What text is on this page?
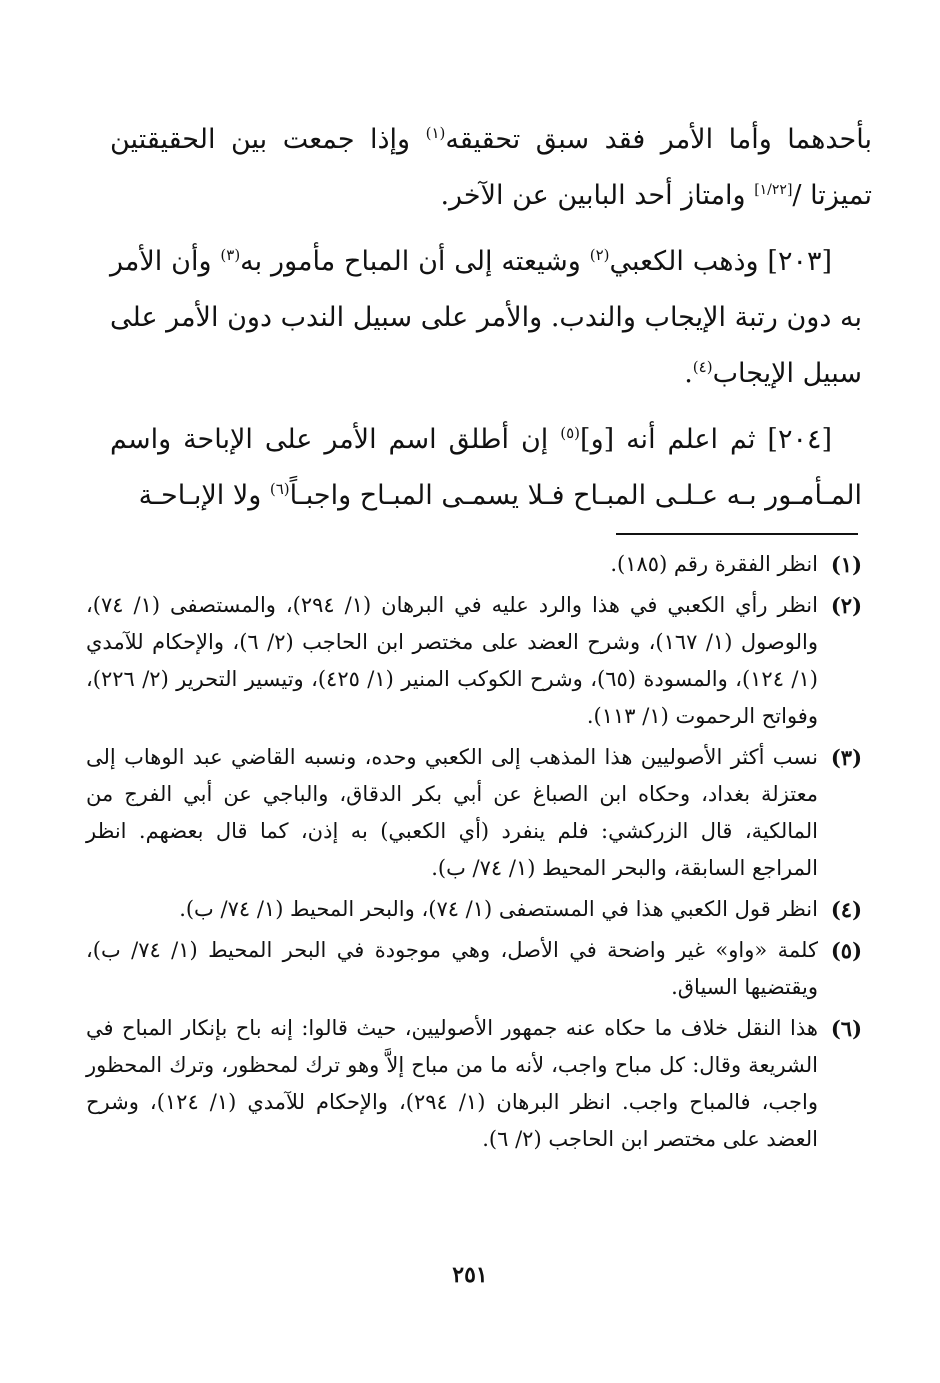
بأحدهما وأما الأمر فقد سبق تحقيقه$^{(١)}$ وإذا جمعت بين الحقيقتين تميزتا /[١/٢٢] وامتاز أحد البابين عن الآخر.

[٢٠٣] وذهب الكعبي$^{(٢)}$ وشيعته إلى أن المباح مأمور به$^{(٣)}$ وأن الأمر به دون رتبة الإيجاب والندب. والأمر على سبيل الندب دون الأمر على سبيل الإيجاب$^{(٤)}$.

[٢٠٤] ثم اعلم أنه [و]$^{(٥)}$ إن أطلق اسم الأمر على الإباحة واسم المـأمـور بـه عـلـى المبـاح فـلا يسمـى المبـاح واجبـاً$^{(٦)}$ ولا الإبـاحـة

(١)
انظر الفقرة رقم (١٨٥).
(٢)
انظر رأي الكعبي في هذا والرد عليه في البرهان (١/ ٢٩٤)، والمستصفى (١/ ٧٤)، والوصول (١/ ١٦٧)، وشرح العضد على مختصر ابن الحاجب (٢/ ٦)، والإحكام للآمدي (١/ ١٢٤)، والمسودة (٦٥)، وشرح الكوكب المنير (١/ ٤٢٥)، وتيسير التحرير (٢/ ٢٢٦)، وفواتح الرحموت (١/ ١١٣).
(٣)
نسب أكثر الأصوليين هذا المذهب إلى الكعبي وحده، ونسبه القاضي عبد الوهاب إلى معتزلة بغداد، وحكاه ابن الصباغ عن أبي بكر الدقاق، والباجي عن أبي الفرج من المالكية، قال الزركشي: فلم ينفرد (أي الكعبي) به إذن، كما قال بعضهم. انظر المراجع السابقة، والبحر المحيط (١/ ٧٤/ ب).
(٤)
انظر قول الكعبي هذا في المستصفى (١/ ٧٤)، والبحر المحيط (١/ ٧٤/ ب).
(٥)
كلمة «واو» غير واضحة في الأصل، وهي موجودة في البحر المحيط (١/ ٧٤/ ب)، ويقتضيها السياق.
(٦)
هذا النقل خلاف ما حكاه عنه جمهور الأصوليين، حيث قالوا: إنه باح بإنكار المباح في الشريعة وقال: كل مباح واجب، لأنه ما من مباح إلاَّ وهو ترك لمحظور، وترك المحظور واجب، فالمباح واجب. انظر البرهان (١/ ٢٩٤)، والإحكام للآمدي (١/ ١٢٤)، وشرح العضد على مختصر ابن الحاجب (٢/ ٦).
٢٥١
